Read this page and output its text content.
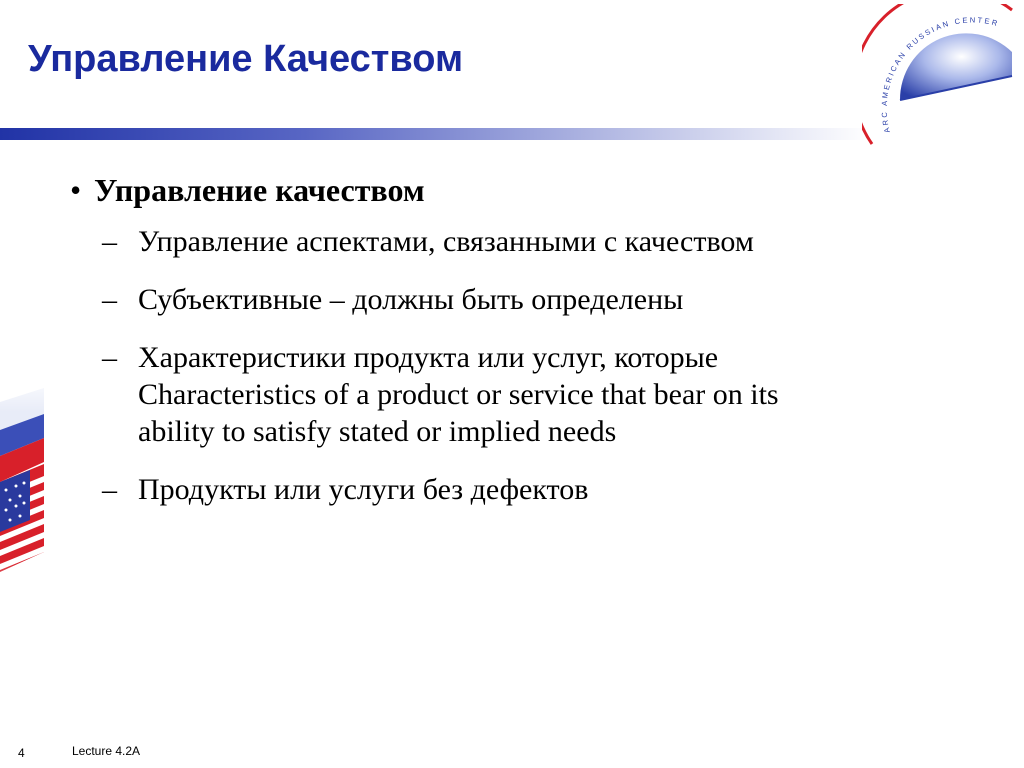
Управление Качеством
ARC AMERICAN RUSSIAN CENTER
• Управление качеством
– Управление аспектами, связанными с качеством
– Субъективные – должны быть определены
– Характеристики продукта или услуг, которые
Characteristics of a product or service that bear on its
ability to satisfy stated or implied needs
– Продукты или услуги без дефектов
4	Lecture 4.2A
